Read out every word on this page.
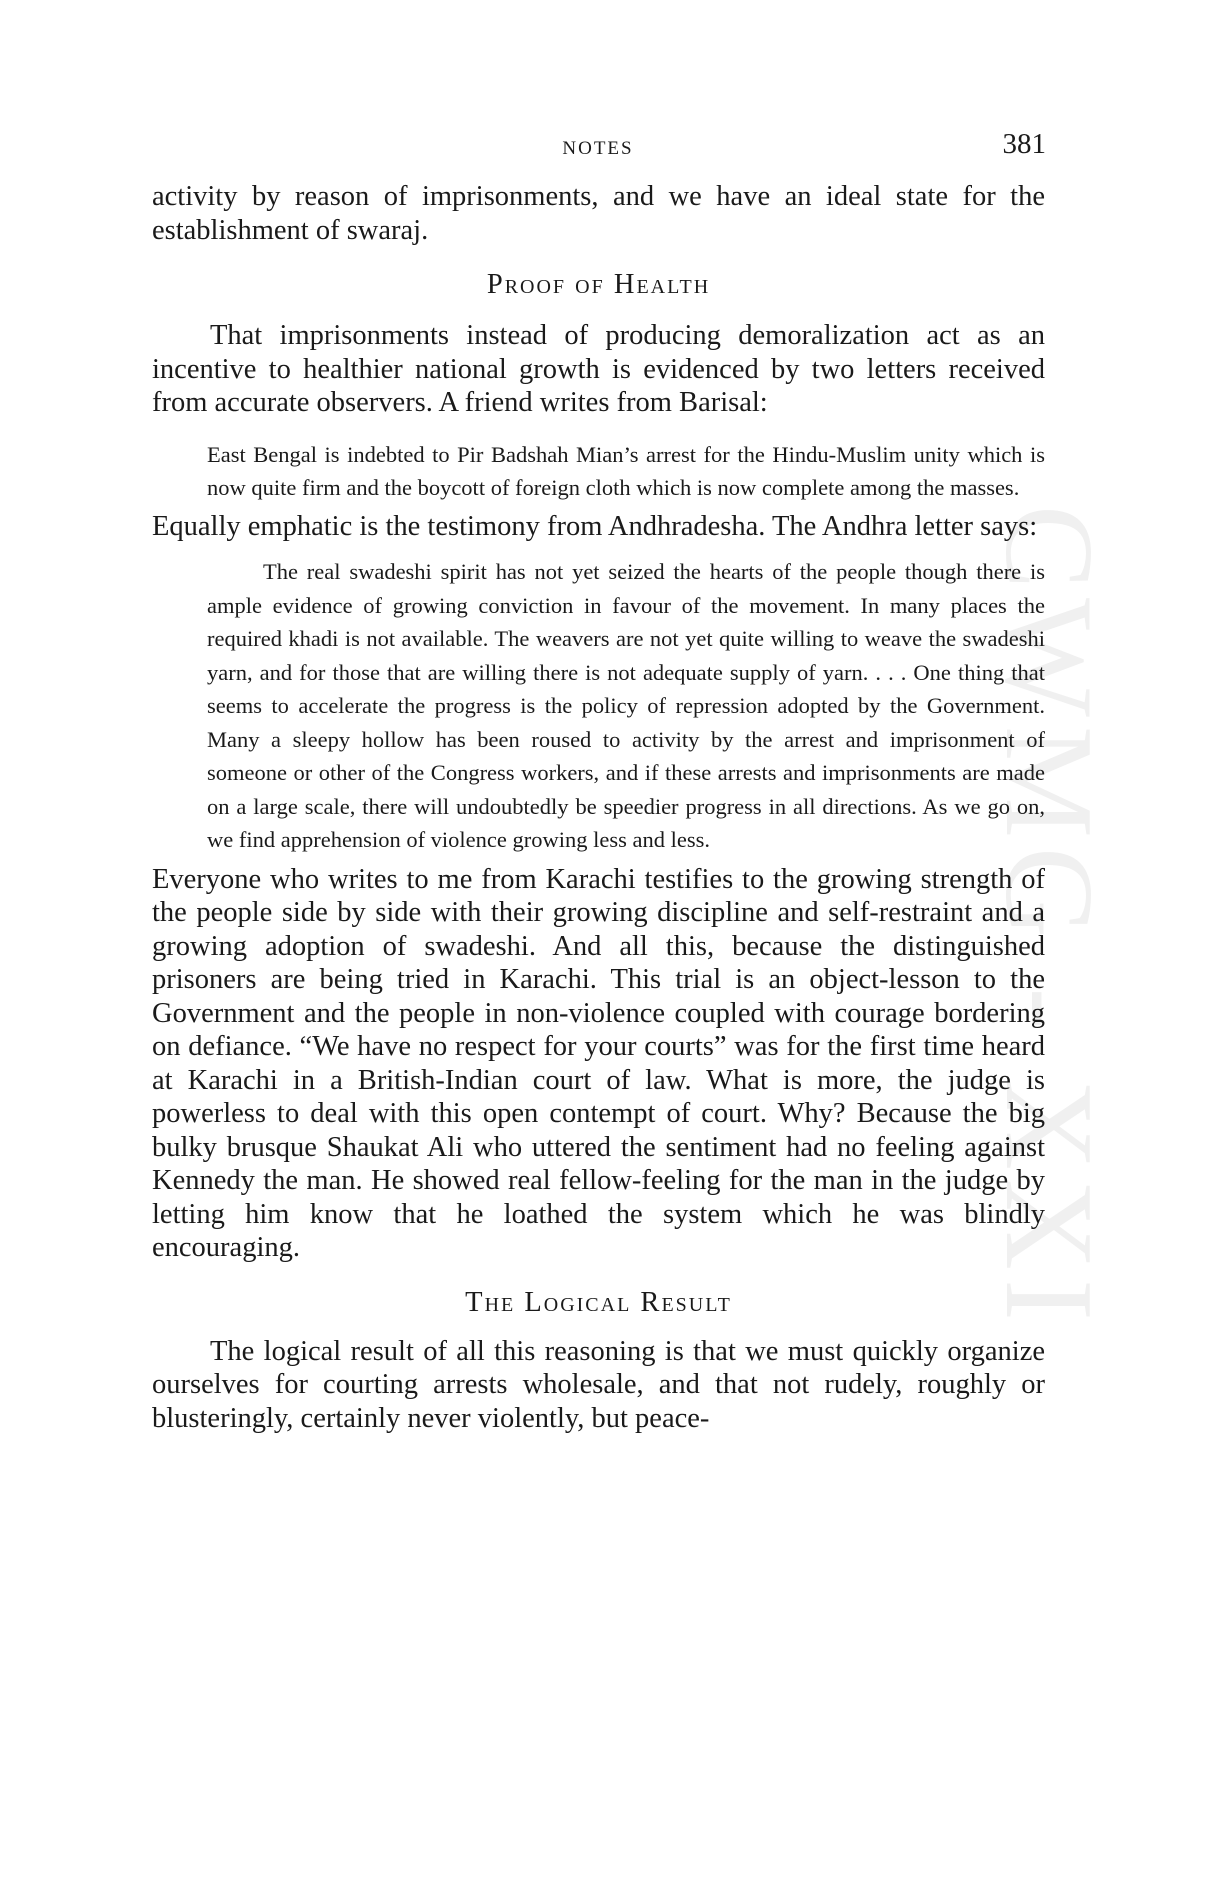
CWMG - XXI
NOTES	381

activity by reason of imprisonments, and we have an ideal state for the establishment of swaraj.

Proof of Health

That imprisonments instead of producing demoralization act as an incentive to healthier national growth is evidenced by two letters received from accurate observers. A friend writes from Barisal:

East Bengal is indebted to Pir Badshah Mian’s arrest for the Hindu-Muslim unity which is now quite firm and the boycott of foreign cloth which is now complete among the masses.

Equally emphatic is the testimony from Andhradesha. The Andhra letter says:

The real swadeshi spirit has not yet seized the hearts of the people though there is ample evidence of growing conviction in favour of the movement. In many places the required khadi is not available. The weavers are not yet quite willing to weave the swadeshi yarn, and for those that are willing there is not adequate supply of yarn. . . . One thing that seems to accelerate the progress is the policy of repression adopted by the Government. Many a sleepy hollow has been roused to activity by the arrest and imprisonment of someone or other of the Congress workers, and if these arrests and imprisonments are made on a large scale, there will undoubtedly be speedier progress in all directions. As we go on, we find apprehension of violence growing less and less.

Everyone who writes to me from Karachi testifies to the growing strength of the people side by side with their growing discipline and self-restraint and a growing adoption of swadeshi. And all this, because the distinguished prisoners are being tried in Karachi. This trial is an object-lesson to the Government and the people in non-violence coupled with courage bordering on defiance. “We have no respect for your courts” was for the first time heard at Karachi in a British-Indian court of law. What is more, the judge is powerless to deal with this open contempt of court. Why? Because the big bulky brusque Shaukat Ali who uttered the sentiment had no feeling against Kennedy the man. He showed real fellow-feeling for the man in the judge by letting him know that he loathed the system which he was blindly encouraging.

The Logical Result

The logical result of all this reasoning is that we must quickly organize ourselves for courting arrests wholesale, and that not rudely, roughly or blusteringly, certainly never violently, but peace-
